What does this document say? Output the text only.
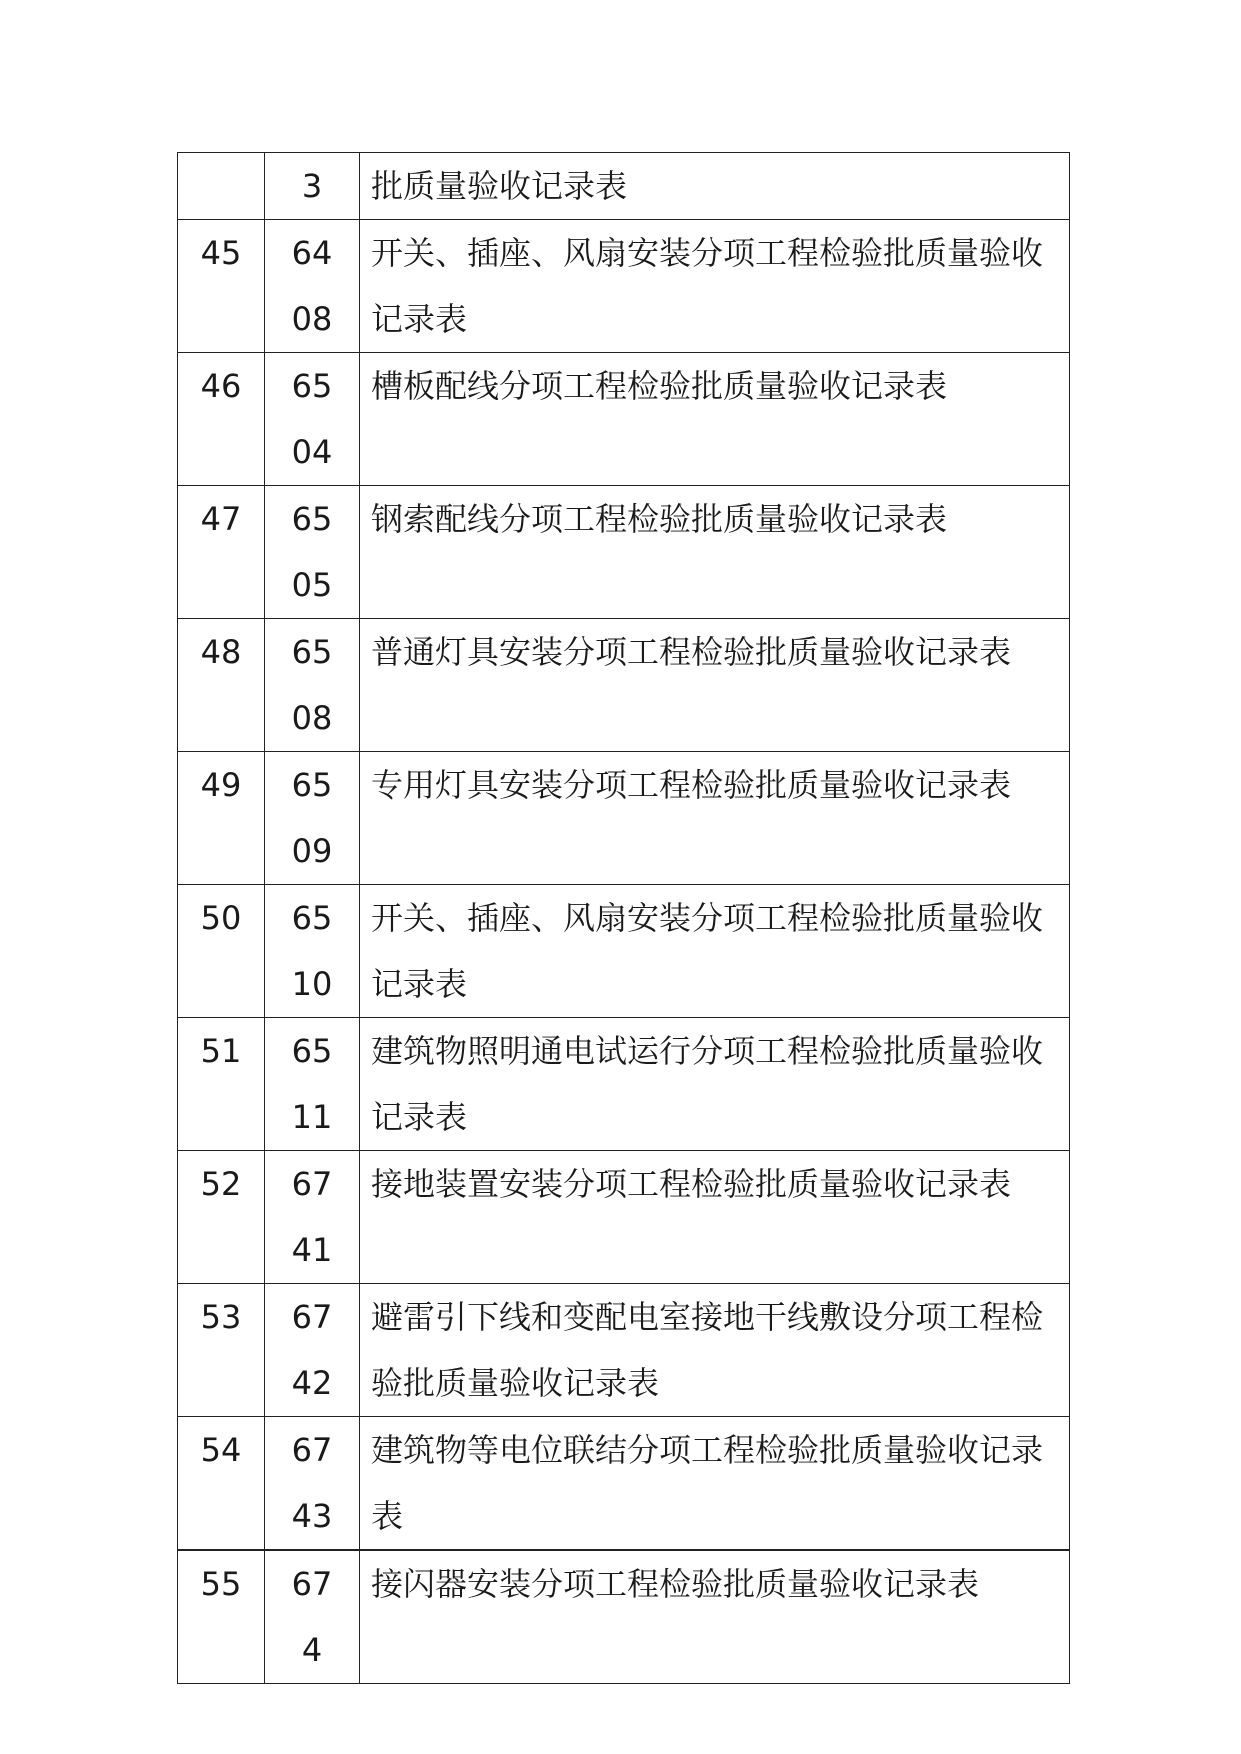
	3	批质量验收记录表
45	6408	开关、插座、风扇安装分项工程检验批质量验收记录表
46	6504	槽板配线分项工程检验批质量验收记录表
47	6505	钢索配线分项工程检验批质量验收记录表
48	6508	普通灯具安装分项工程检验批质量验收记录表
49	6509	专用灯具安装分项工程检验批质量验收记录表
50	6510	开关、插座、风扇安装分项工程检验批质量验收记录表
51	6511	建筑物照明通电试运行分项工程检验批质量验收记录表
52	6741	接地装置安装分项工程检验批质量验收记录表
53	6742	避雷引下线和变配电室接地干线敷设分项工程检验批质量验收记录表
54	6743	建筑物等电位联结分项工程检验批质量验收记录表
55	674	接闪器安装分项工程检验批质量验收记录表
